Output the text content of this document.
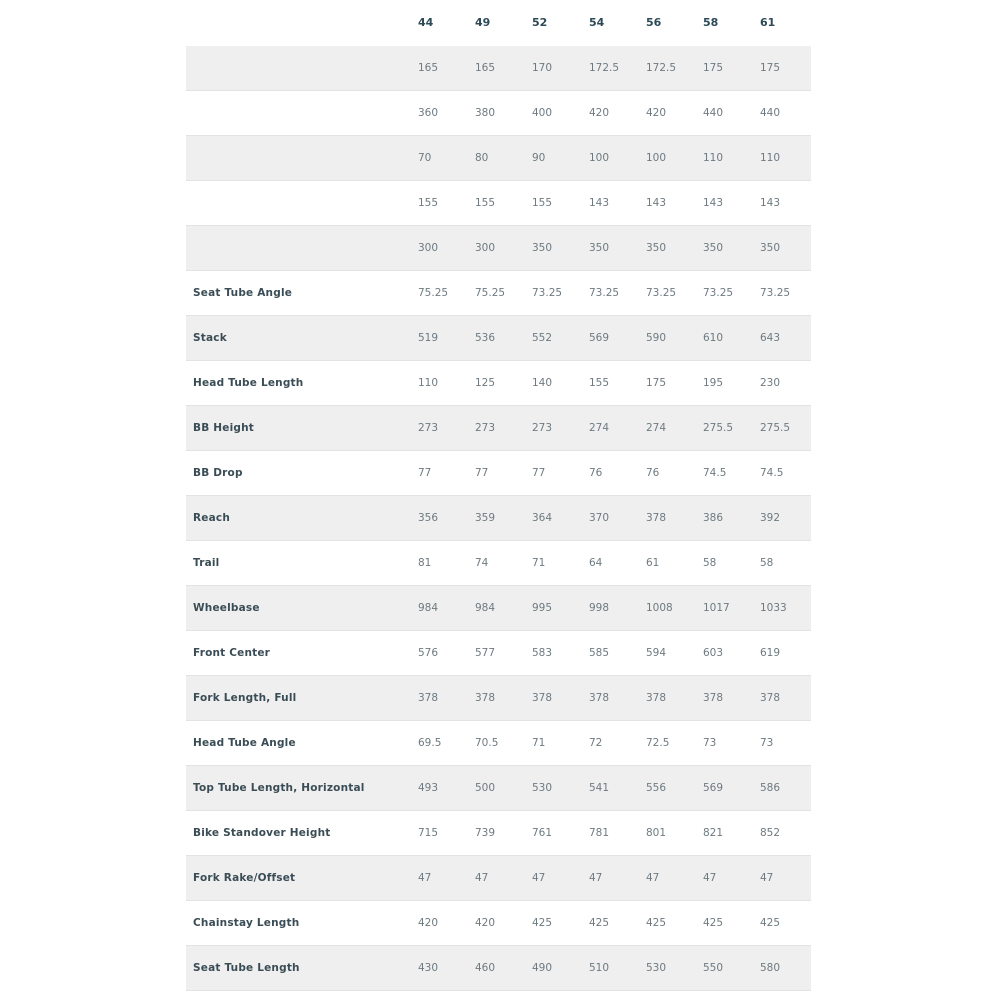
	44	49	52	54	56	58	61
	165	165	170	172.5	172.5	175	175
	360	380	400	420	420	440	440
	70	80	90	100	100	110	110
	155	155	155	143	143	143	143
	300	300	350	350	350	350	350
Seat Tube Angle	75.25	75.25	73.25	73.25	73.25	73.25	73.25
Stack	519	536	552	569	590	610	643
Head Tube Length	110	125	140	155	175	195	230
BB Height	273	273	273	274	274	275.5	275.5
BB Drop	77	77	77	76	76	74.5	74.5
Reach	356	359	364	370	378	386	392
Trail	81	74	71	64	61	58	58
Wheelbase	984	984	995	998	1008	1017	1033
Front Center	576	577	583	585	594	603	619
Fork Length, Full	378	378	378	378	378	378	378
Head Tube Angle	69.5	70.5	71	72	72.5	73	73
Top Tube Length, Horizontal	493	500	530	541	556	569	586
Bike Standover Height	715	739	761	781	801	821	852
Fork Rake/Offset	47	47	47	47	47	47	47
Chainstay Length	420	420	425	425	425	425	425
Seat Tube Length	430	460	490	510	530	550	580
